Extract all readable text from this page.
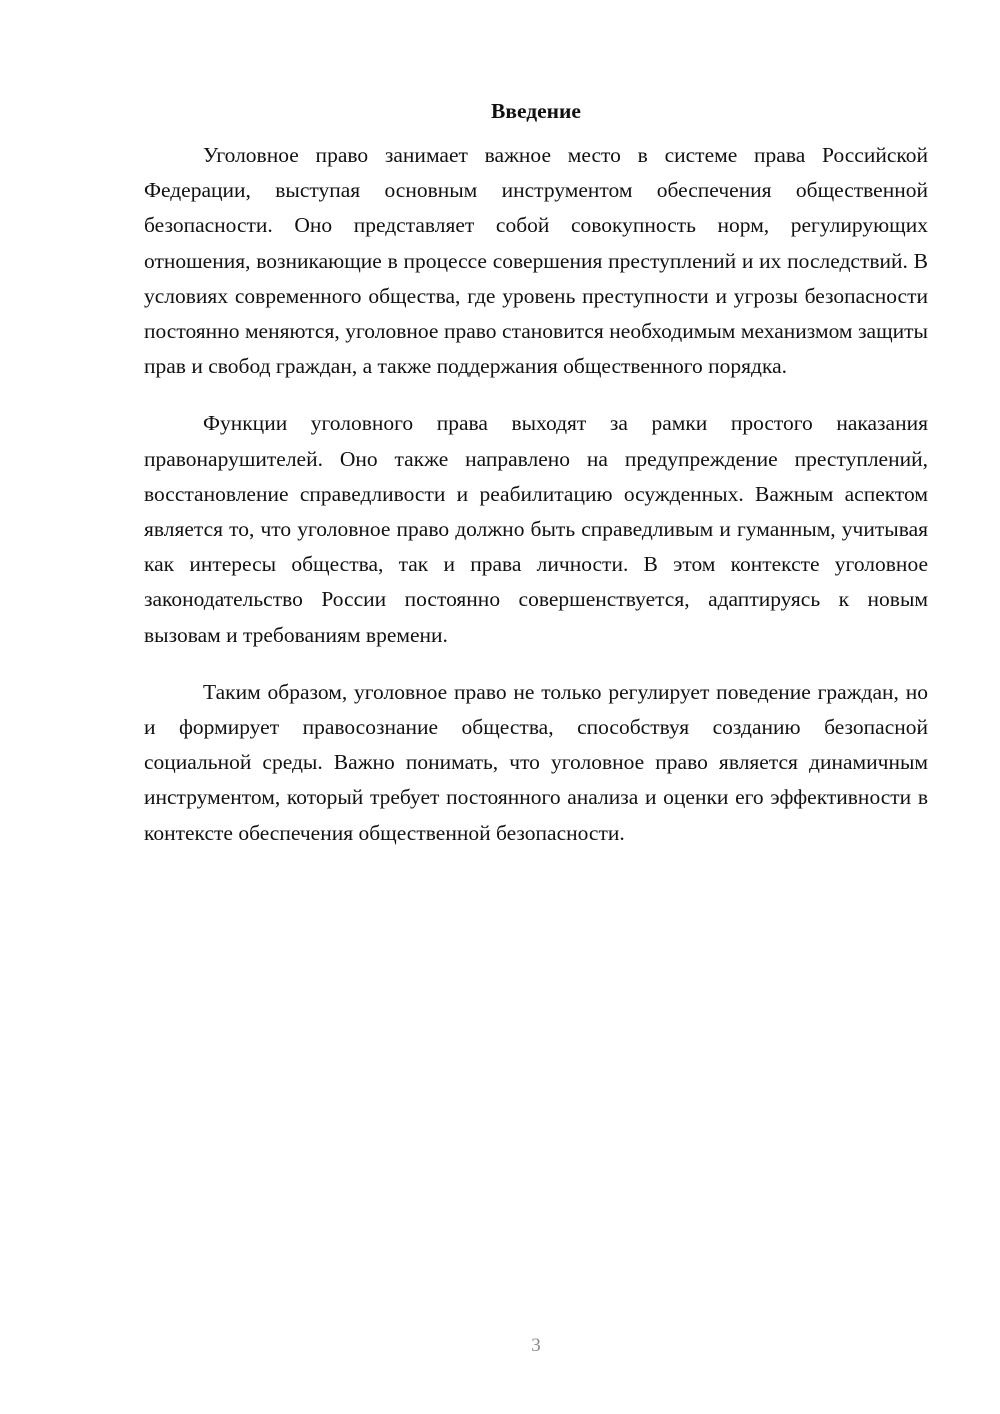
Введение

Уголовное право занимает важное место в системе права Российской Федерации, выступая основным инструментом обеспечения общественной безопасности. Оно представляет собой совокупность норм, регулирующих отношения, возникающие в процессе совершения преступлений и их последствий. В условиях современного общества, где уровень преступности и угрозы безопасности постоянно меняются, уголовное право становится необходимым механизмом защиты прав и свобод граждан, а также поддержания общественного порядка.

Функции уголовного права выходят за рамки простого наказания правонарушителей. Оно также направлено на предупреждение преступлений, восстановление справедливости и реабилитацию осужденных. Важным аспектом является то, что уголовное право должно быть справедливым и гуманным, учитывая как интересы общества, так и права личности. В этом контексте уголовное законодательство России постоянно совершенствуется, адаптируясь к новым вызовам и требованиям времени.

Таким образом, уголовное право не только регулирует поведение граждан, но и формирует правосознание общества, способствуя созданию безопасной социальной среды. Важно понимать, что уголовное право является динамичным инструментом, который требует постоянного анализа и оценки его эффективности в контексте обеспечения общественной безопасности.

3
